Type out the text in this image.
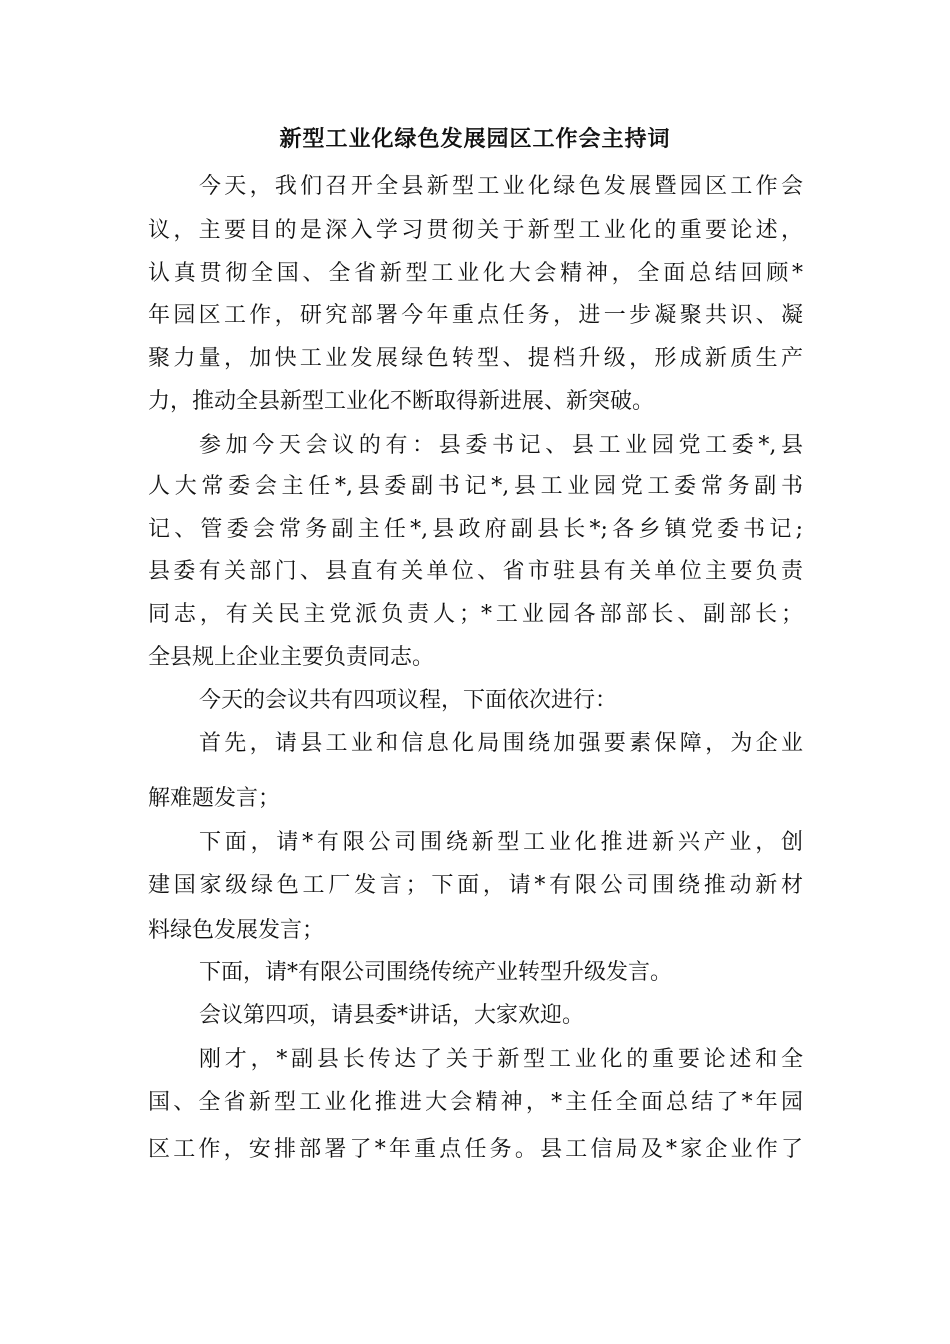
新型工业化绿色发展园区工作会主持词

今天，我们召开全县新型工业化绿色发展暨园区工作会

议，主要目的是深入学习贯彻关于新型工业化的重要论述，

认真贯彻全国、全省新型工业化大会精神，全面总结回顾*

年园区工作，研究部署今年重点任务，进一步凝聚共识、凝

聚力量，加快工业发展绿色转型、提档升级，形成新质生产

力，推动全县新型工业化不断取得新进展、新突破。

参加今天会议的有：县委书记、县工业园党工委*,县

人大常委会主任*,县委副书记*,县工业园党工委常务副书

记、管委会常务副主任*,县政府副县长*;各乡镇党委书记;

县委有关部门、县直有关单位、省市驻县有关单位主要负责

同志，有关民主党派负责人；*工业园各部部长、副部长；

全县规上企业主要负责同志。

今天的会议共有四项议程，下面依次进行：

首先，请县工业和信息化局围绕加强要素保障，为企业

解难题发言；

下面，请*有限公司围绕新型工业化推进新兴产业，创

建国家级绿色工厂发言；下面，请*有限公司围绕推动新材

料绿色发展发言；

下面，请*有限公司围绕传统产业转型升级发言。

会议第四项，请县委*讲话，大家欢迎。

刚才，*副县长传达了关于新型工业化的重要论述和全

国、全省新型工业化推进大会精神，*主任全面总结了*年园

区工作，安排部署了*年重点任务。县工信局及*家企业作了
